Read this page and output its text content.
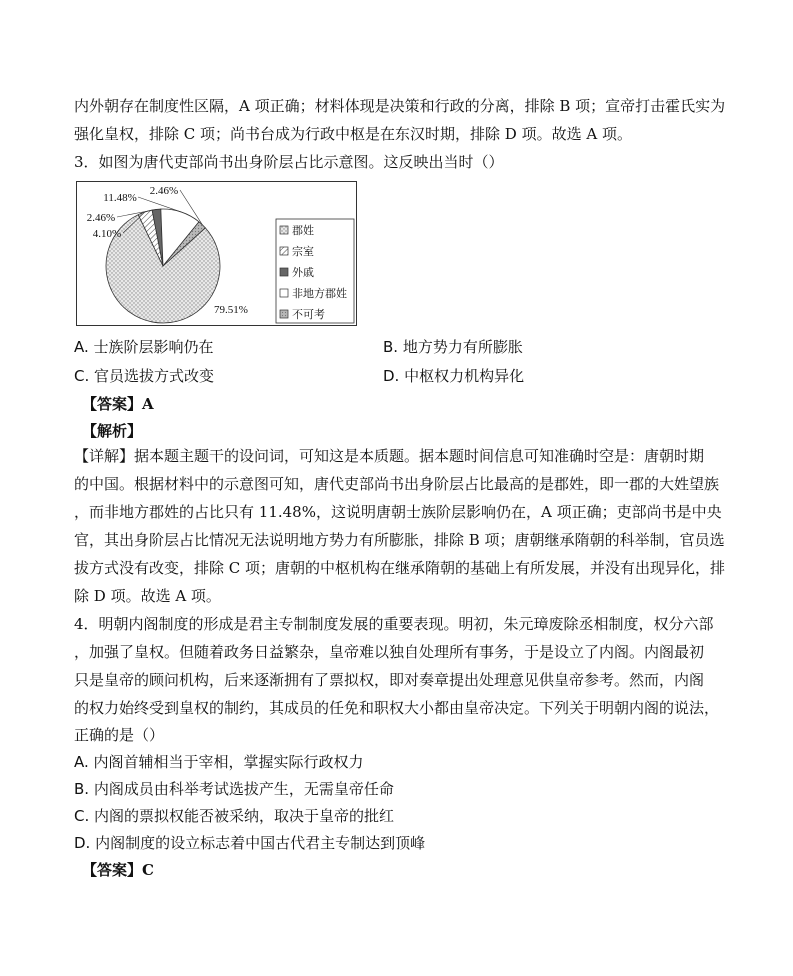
内外朝存在制度性区隔，A 项正确；材料体现是决策和行政的分离，排除 B 项；宣帝打击霍氏实为
强化皇权，排除 C 项；尚书台成为行政中枢是在东汉时期，排除 D 项。故选 A 项。
3．如图为唐代吏部尚书出身阶层占比示意图。这反映出当时（）
79.51%
4.10%
2.46%
11.48%
2.46%
郡姓
宗室
外戚
非地方郡姓
不可考
A. 士族阶层影响仍在	B. 地方势力有所膨胀
C. 官员选拔方式改变	D. 中枢权力机构异化
【答案】A
【解析】
【详解】据本题主题干的设问词，可知这是本质题。据本题时间信息可知准确时空是：唐朝时期
的中国。根据材料中的示意图可知，唐代吏部尚书出身阶层占比最高的是郡姓，即一郡的大姓望族
，而非地方郡姓的占比只有 11.48%，这说明唐朝士族阶层影响仍在，A 项正确；吏部尚书是中央
官，其出身阶层占比情况无法说明地方势力有所膨胀，排除 B 项；唐朝继承隋朝的科举制，官员选
拔方式没有改变，排除 C 项；唐朝的中枢机构在继承隋朝的基础上有所发展，并没有出现异化，排
除 D 项。故选 A 项。
4．明朝内阁制度的形成是君主专制制度发展的重要表现。明初，朱元璋废除丞相制度，权分六部
，加强了皇权。但随着政务日益繁杂，皇帝难以独自处理所有事务，于是设立了内阁。内阁最初
只是皇帝的顾问机构，后来逐渐拥有了票拟权，即对奏章提出处理意见供皇帝参考。然而，内阁
的权力始终受到皇权的制约，其成员的任免和职权大小都由皇帝决定。下列关于明朝内阁的说法，
正确的是（）
A. 内阁首辅相当于宰相，掌握实际行政权力
B. 内阁成员由科举考试选拔产生，无需皇帝任命
C. 内阁的票拟权能否被采纳，取决于皇帝的批红
D. 内阁制度的设立标志着中国古代君主专制达到顶峰
【答案】C
